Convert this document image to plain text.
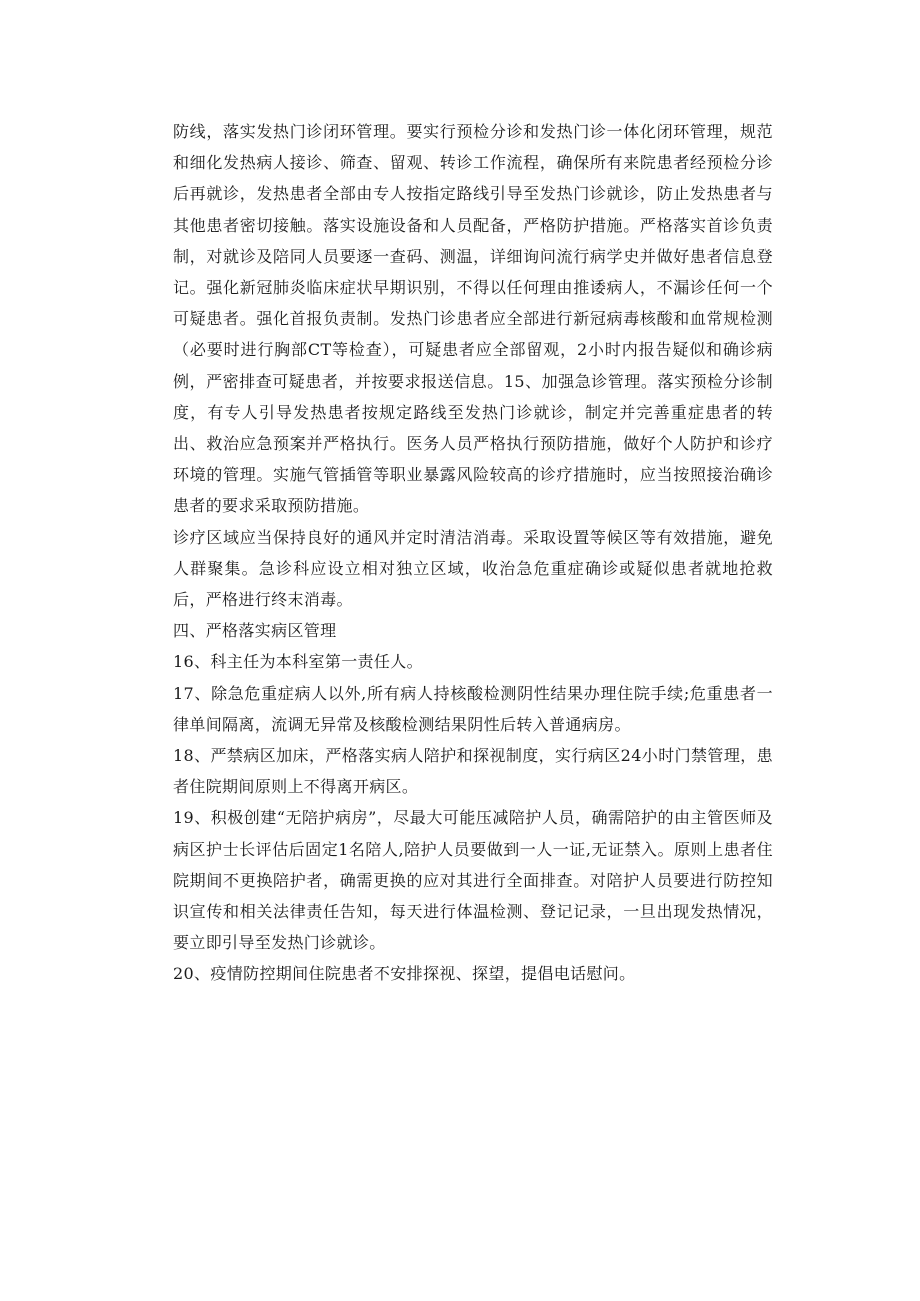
防线，落实发热门诊闭环管理。要实行预检分诊和发热门诊一体化闭环管理，规范和细化发热病人接诊、筛查、留观、转诊工作流程，确保所有来院患者经预检分诊后再就诊，发热患者全部由专人按指定路线引导至发热门诊就诊，防止发热患者与其他患者密切接触。落实设施设备和人员配备，严格防护措施。严格落实首诊负责制，对就诊及陪同人员要逐一查码、测温，详细询问流行病学史并做好患者信息登记。强化新冠肺炎临床症状早期识别，不得以任何理由推诿病人，不漏诊任何一个可疑患者。强化首报负责制。发热门诊患者应全部进行新冠病毒核酸和血常规检测（必要时进行胸部CT等检查），可疑患者应全部留观，2小时内报告疑似和确诊病例，严密排查可疑患者，并按要求报送信息。15、加强急诊管理。落实预检分诊制度，有专人引导发热患者按规定路线至发热门诊就诊，制定并完善重症患者的转出、救治应急预案并严格执行。医务人员严格执行预防措施，做好个人防护和诊疗环境的管理。实施气管插管等职业暴露风险较高的诊疗措施时，应当按照接治确诊患者的要求采取预防措施。

诊疗区域应当保持良好的通风并定时清洁消毒。采取设置等候区等有效措施，避免人群聚集。急诊科应设立相对独立区域，收治急危重症确诊或疑似患者就地抢救后，严格进行终末消毒。

四、严格落实病区管理

16、科主任为本科室第一责任人。

17、除急危重症病人以外,所有病人持核酸检测阴性结果办理住院手续;危重患者一律单间隔离，流调无异常及核酸检测结果阴性后转入普通病房。

18、严禁病区加床，严格落实病人陪护和探视制度，实行病区24小时门禁管理，患者住院期间原则上不得离开病区。

19、积极创建“无陪护病房”，尽最大可能压减陪护人员，确需陪护的由主管医师及病区护士长评估后固定1名陪人,陪护人员要做到一人一证,无证禁入。原则上患者住院期间不更换陪护者，确需更换的应对其进行全面排查。对陪护人员要进行防控知识宣传和相关法律责任告知，每天进行体温检测、登记记录，一旦出现发热情况，要立即引导至发热门诊就诊。

20、疫情防控期间住院患者不安排探视、探望，提倡电话慰问。
